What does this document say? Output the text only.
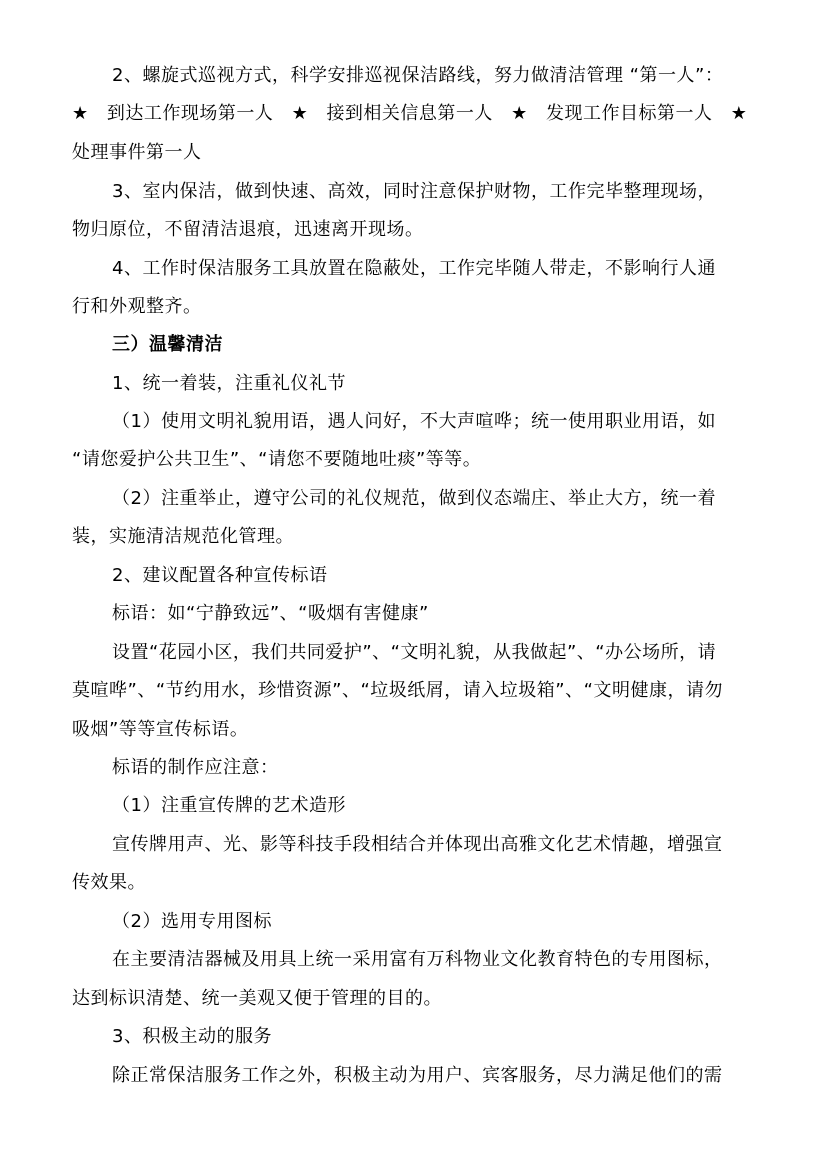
2、螺旋式巡视方式，科学安排巡视保洁路线，努力做清洁管理 “第一人”：
★ 到达工作现场第一人 ★ 接到相关信息第一人 ★ 发现工作目标第一人 ★
处理事件第一人
3、室内保洁，做到快速、高效，同时注意保护财物，工作完毕整理现场，
物归原位，不留清洁退痕，迅速离开现场。
4、工作时保洁服务工具放置在隐蔽处，工作完毕随人带走，不影响行人通
行和外观整齐。
三）温馨清洁
1、统一着装，注重礼仪礼节
（1）使用文明礼貌用语，遇人问好，不大声喧哗；统一使用职业用语，如
“请您爱护公共卫生”、“请您不要随地吐痰”等等。
（2）注重举止，遵守公司的礼仪规范，做到仪态端庄、举止大方，统一着
装，实施清洁规范化管理。
2、建议配置各种宣传标语
标语：如“宁静致远”、“吸烟有害健康”
设置“花园小区，我们共同爱护”、“文明礼貌，从我做起”、“办公场所，请
莫喧哗”、“节约用水，珍惜资源”、“垃圾纸屑，请入垃圾箱”、“文明健康，请勿
吸烟”等等宣传标语。
标语的制作应注意：
（1）注重宣传牌的艺术造形
宣传牌用声、光、影等科技手段相结合并体现出高雅文化艺术情趣，增强宣
传效果。
（2）选用专用图标
在主要清洁器械及用具上统一采用富有万科物业文化教育特色的专用图标，
达到标识清楚、统一美观又便于管理的目的。
3、积极主动的服务
除正常保洁服务工作之外，积极主动为用户、宾客服务，尽力满足他们的需
